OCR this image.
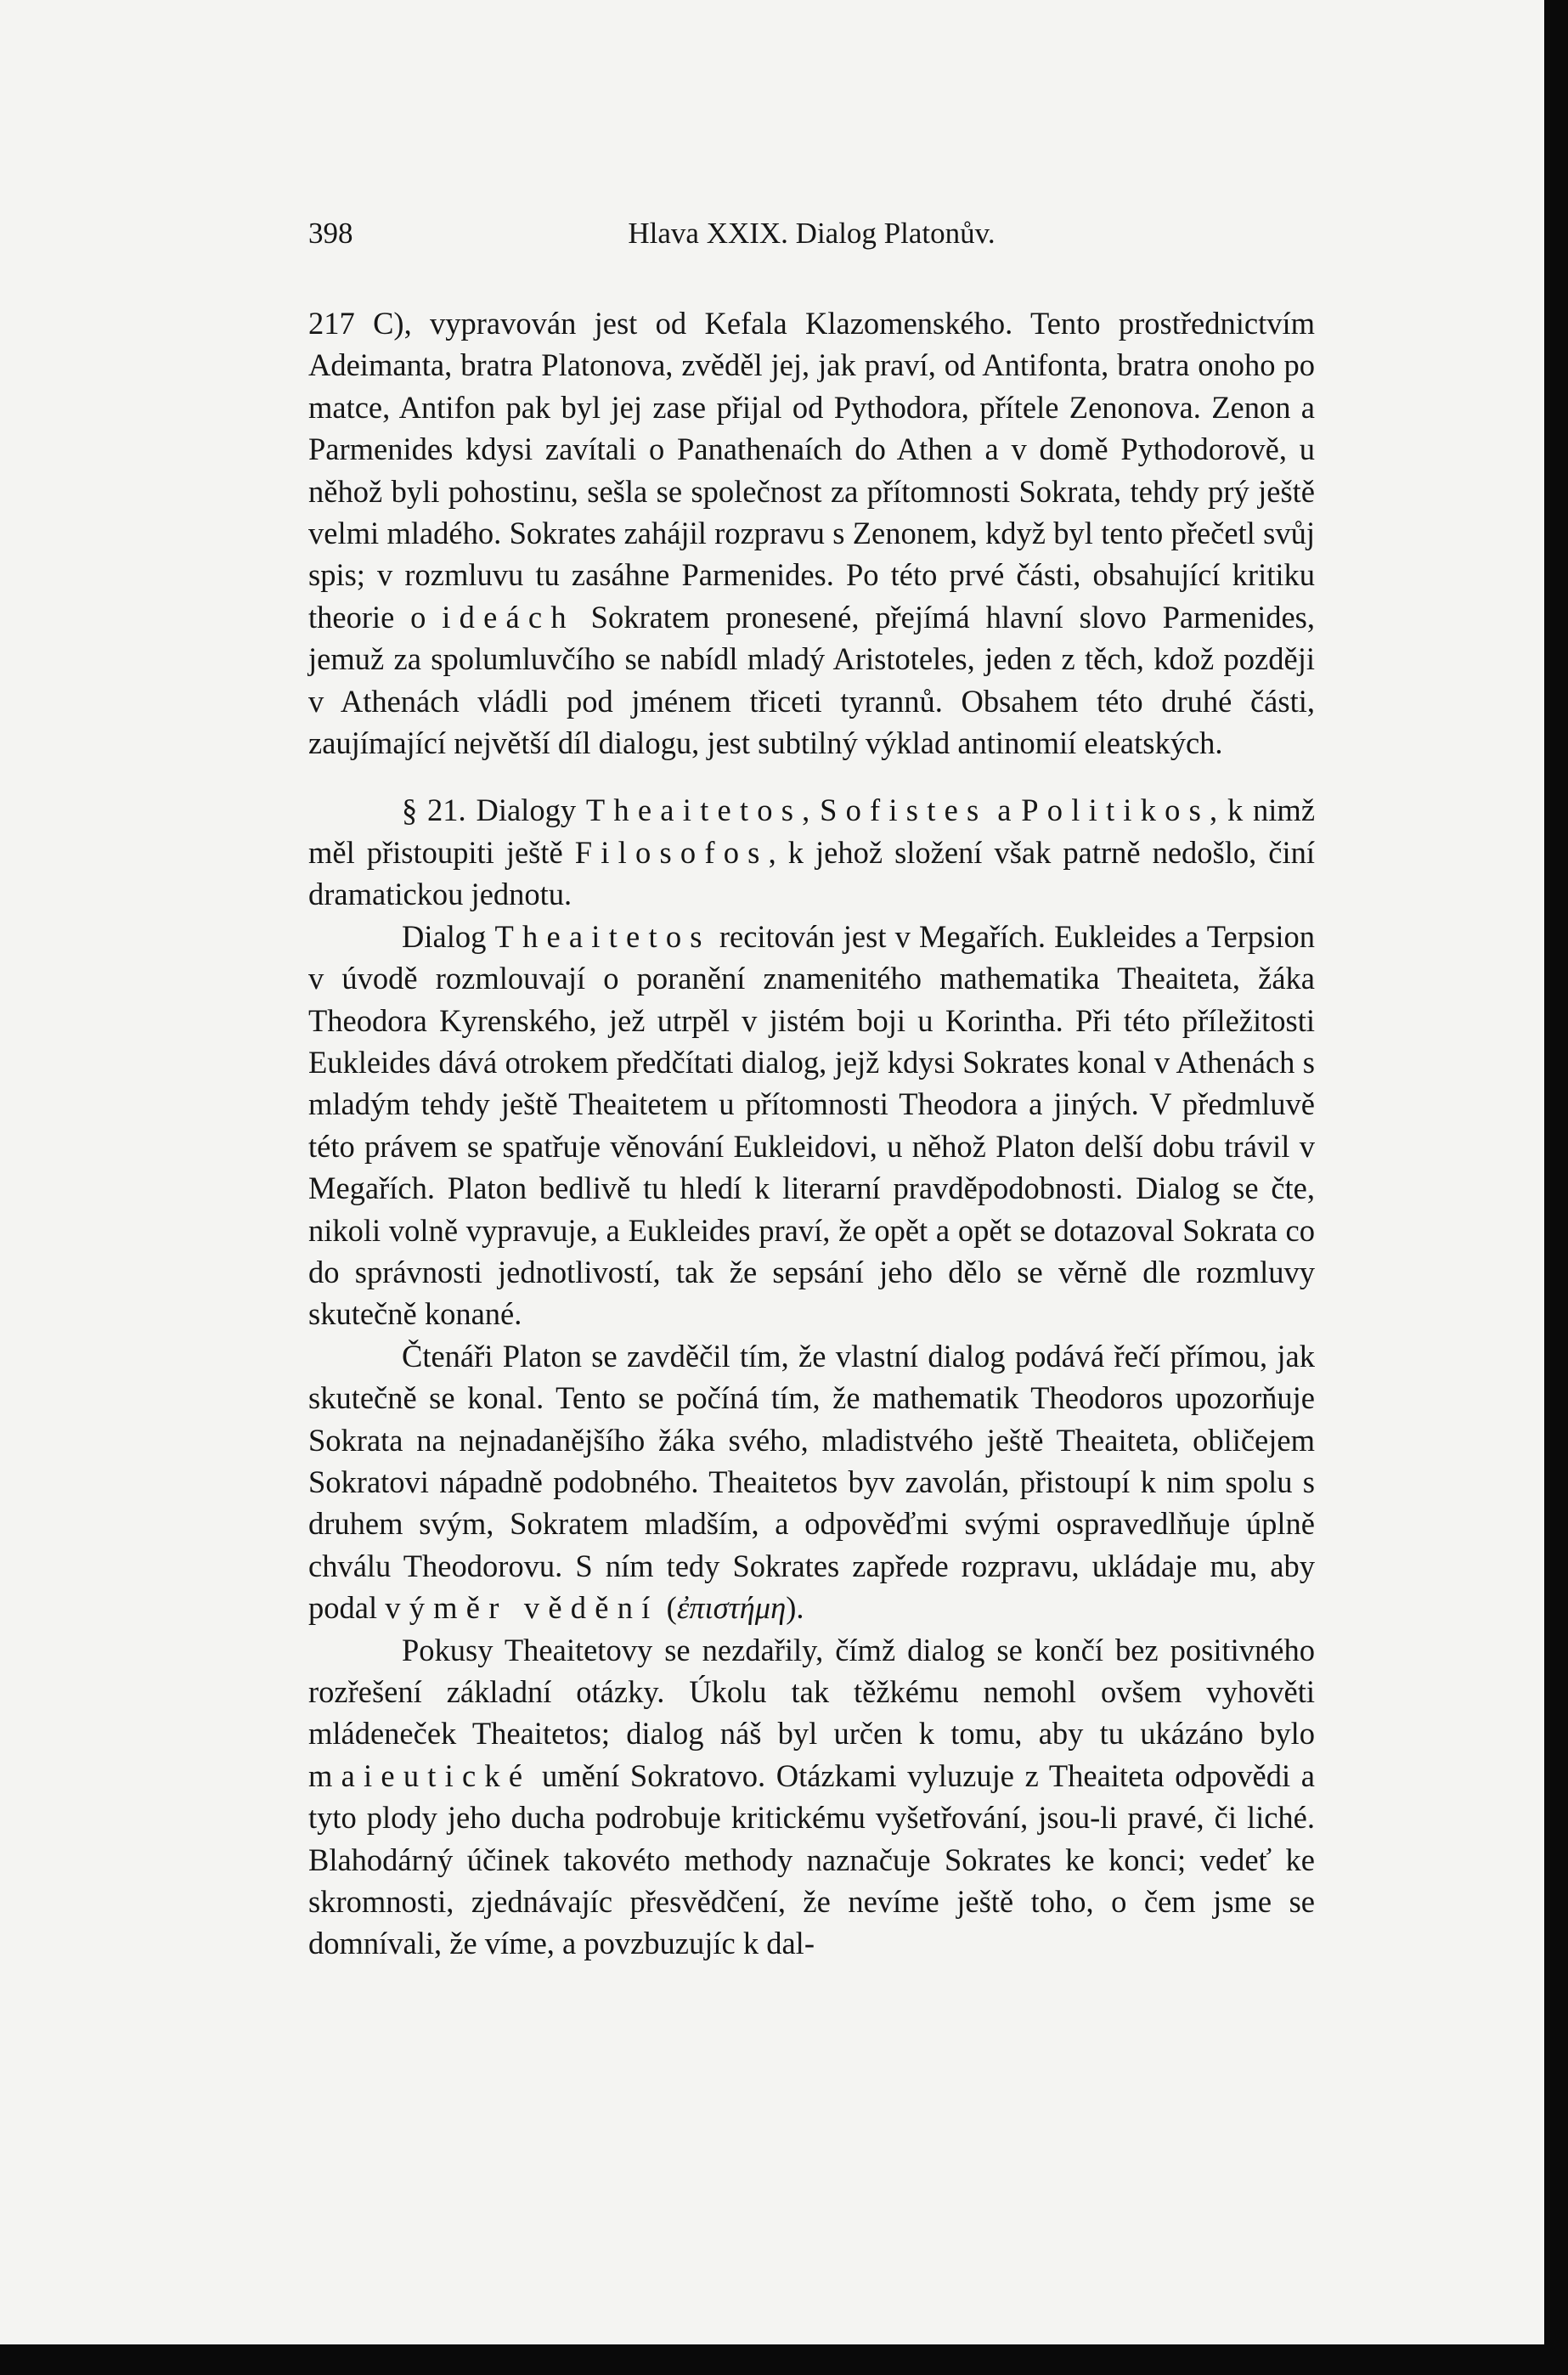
398	Hlava XXIX. Dialog Platonův.

217 C), vypravován jest od Kefala Klazomenského. Tento prostřednictvím Adeimanta, bratra Platonova, zvěděl jej, jak praví, od Antifonta, bratra onoho po matce, Antifon pak byl jej zase přijal od Pythodora, přítele Zenonova. Zenon a Parmenides kdysi zavítali o Panathenaích do Athen a v domě Pythodorově, u něhož byli pohostinu, sešla se společnost za přítomnosti Sokrata, tehdy prý ještě velmi mladého. Sokrates zahájil rozpravu s Zenonem, když byl tento přečetl svůj spis; v rozmluvu tu zasáhne Parmenides. Po této prvé části, obsahující kritiku theorie o ideách Sokratem pronesené, přejímá hlavní slovo Parmenides, jemuž za spolumluvčího se nabídl mladý Aristoteles, jeden z těch, kdož později v Athenách vládli pod jménem třiceti tyrannů. Obsahem této druhé části, zaujímající největší díl dialogu, jest subtilný výklad antinomií eleatských.

§ 21. Dialogy Theaitetos, Sofistes a Politikos, k nimž měl přistoupiti ještě Filosofos, k jehož složení však patrně nedošlo, činí dramatickou jednotu.

Dialog Theaitetos recitován jest v Megařích. Eukleides a Terpsion v úvodě rozmlouvají o poranění znamenitého mathematika Theaiteta, žáka Theodora Kyrenského, jež utrpěl v jistém boji u Korintha. Při této příležitosti Eukleides dává otrokem předčítati dialog, jejž kdysi Sokrates konal v Athenách s mladým tehdy ještě Theaitetem u přítomnosti Theodora a jiných. V předmluvě této právem se spatřuje věnování Eukleidovi, u něhož Platon delší dobu trávil v Megařích. Platon bedlivě tu hledí k literarní pravděpodobnosti. Dialog se čte, nikoli volně vypravuje, a Eukleides praví, že opět a opět se dotazoval Sokrata co do správnosti jednotlivostí, tak že sepsání jeho dělo se věrně dle rozmluvy skutečně konané.

Čtenáři Platon se zavděčil tím, že vlastní dialog podává řečí přímou, jak skutečně se konal. Tento se počíná tím, že mathematik Theodoros upozorňuje Sokrata na nejnadanějšího žáka svého, mladistvého ještě Theaiteta, obličejem Sokratovi nápadně podobného. Theaitetos byv zavolán, přistoupí k nim spolu s druhem svým, Sokratem mladším, a odpověďmi svými ospravedlňuje úplně chválu Theodorovu. S ním tedy Sokrates zapřede rozpravu, ukládaje mu, aby podal výměr vědění (ἐπιστήμη).

Pokusy Theaitetovy se nezdařily, čímž dialog se končí bez positivného rozřešení základní otázky. Úkolu tak těžkému nemohl ovšem vyhověti mládeneček Theaitetos; dialog náš byl určen k tomu, aby tu ukázáno bylo maieutické umění Sokratovo. Otázkami vyluzuje z Theaiteta odpovědi a tyto plody jeho ducha podrobuje kritickému vyšetřování, jsou-li pravé, či liché. Blahodárný účinek takovéto methody naznačuje Sokrates ke konci; vedeť ke skromnosti, zjednávajíc přesvědčení, že nevíme ještě toho, o čem jsme se domnívali, že víme, a povzbuzujíc k dal-
